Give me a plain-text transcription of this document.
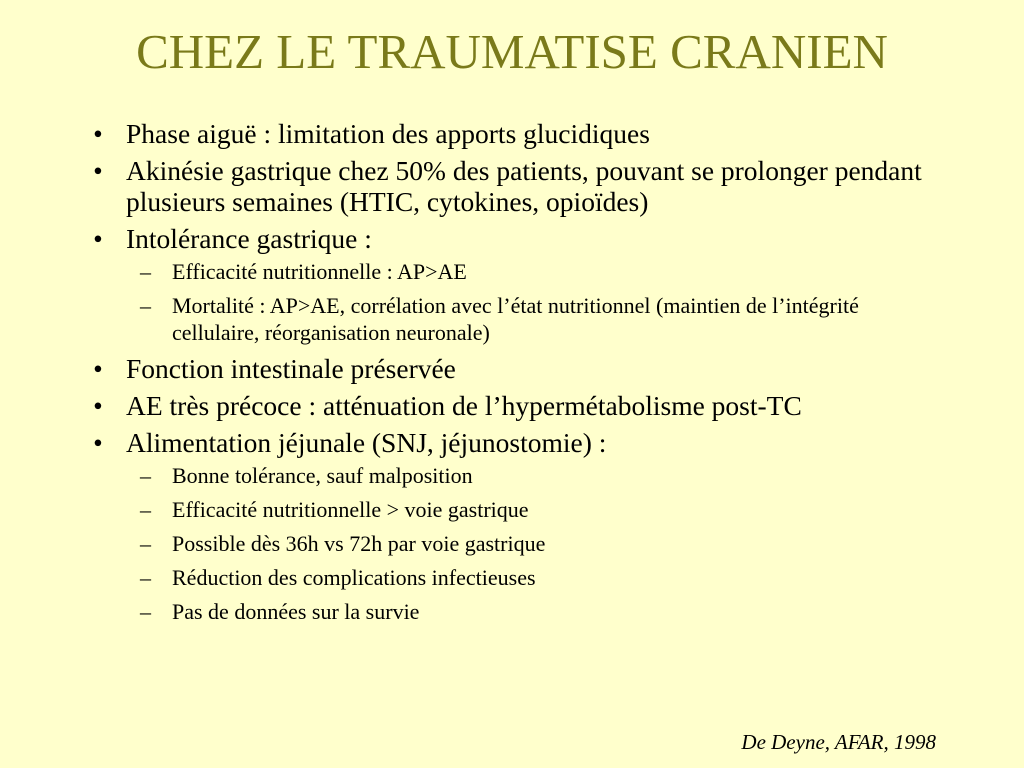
CHEZ LE TRAUMATISE CRANIEN
• Phase aiguë : limitation des apports glucidiques
• Akinésie gastrique chez 50% des patients, pouvant se prolonger pendant plusieurs semaines (HTIC, cytokines, opioïdes)
• Intolérance gastrique :
– Efficacité nutritionnelle : AP>AE
– Mortalité : AP>AE, corrélation avec l’état nutritionnel (maintien de l’intégrité cellulaire, réorganisation neuronale)
• Fonction intestinale préservée
• AE très précoce : atténuation de l’hypermétabolisme post-TC
• Alimentation jéjunale (SNJ, jéjunostomie) :
– Bonne tolérance, sauf malposition
– Efficacité nutritionnelle > voie gastrique
– Possible dès 36h vs 72h par voie gastrique
– Réduction des complications infectieuses
– Pas de données sur la survie
De Deyne, AFAR, 1998
